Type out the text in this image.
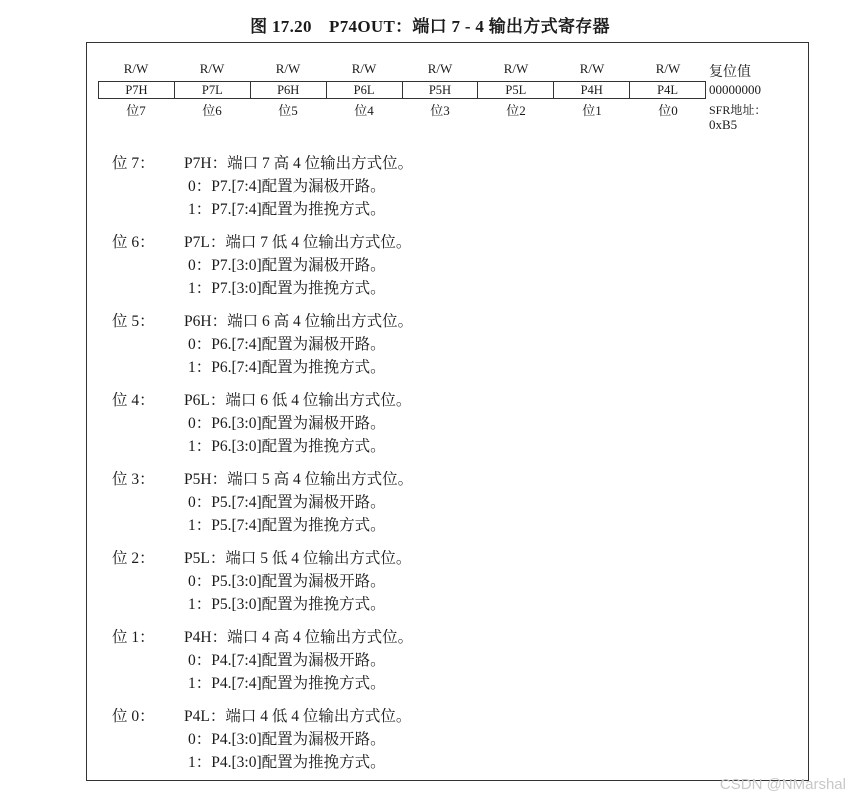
图 17.20　P74OUT：端口 7 - 4 输出方式寄存器
R/W	R/W	R/W	R/W	R/W	R/W	R/W	R/W
P7H	P7L	P6H	P6L	P5H	P5L	P4H	P4L
位7	位6	位5	位4	位3	位2	位1	位0
复位值
00000000
SFR地址：
0xB5
位 7：	P7H：端口 7 高 4 位输出方式位。
0：P7.[7:4]配置为漏极开路。
1：P7.[7:4]配置为推挽方式。
位 6：	P7L：端口 7 低 4 位输出方式位。
0：P7.[3:0]配置为漏极开路。
1：P7.[3:0]配置为推挽方式。
位 5：	P6H：端口 6 高 4 位输出方式位。
0：P6.[7:4]配置为漏极开路。
1：P6.[7:4]配置为推挽方式。
位 4：	P6L：端口 6 低 4 位输出方式位。
0：P6.[3:0]配置为漏极开路。
1：P6.[3:0]配置为推挽方式。
位 3：	P5H：端口 5 高 4 位输出方式位。
0：P5.[7:4]配置为漏极开路。
1：P5.[7:4]配置为推挽方式。
位 2：	P5L：端口 5 低 4 位输出方式位。
0：P5.[3:0]配置为漏极开路。
1：P5.[3:0]配置为推挽方式。
位 1：	P4H：端口 4 高 4 位输出方式位。
0：P4.[7:4]配置为漏极开路。
1：P4.[7:4]配置为推挽方式。
位 0：	P4L：端口 4 低 4 位输出方式位。
0：P4.[3:0]配置为漏极开路。
1：P4.[3:0]配置为推挽方式。
CSDN @NMarshal
